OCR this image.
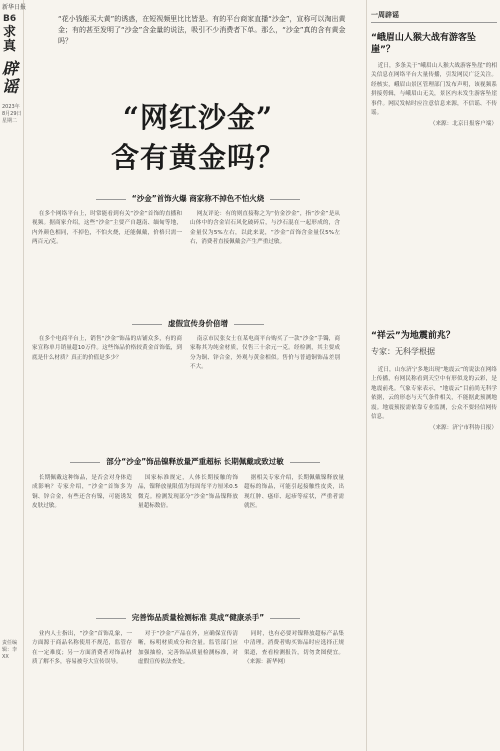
新华日报
B6
求真
辟谣
2023年 8月29日 星期二
责任编辑：李 XX
“花小钱能买大黄”的诱惑，在短视频里比比皆是。有的平台商家直播“沙金”，宣称可以淘出黄金；有的甚至发明了“沙金”含金量的说法，吸引不少消费者下单。那么，“沙金”真的含有黄金吗？
“网红沙金”
含有黄金吗？
“沙金”首饰火爆 商家称不掉色不怕火烧

在多个网络平台上，时常能看到有关“沙金”首饰的直播和视频。据商家介绍，这些“沙金”主要产自越南、缅甸等地，内外颜色相同，不掉色，不怕火烧，还能佩戴，价格只需一两百元/克。

网友评论：有的则直接称之为“仿金沙金”，指“沙金”是从山体中的含金岩石风化破碎后，与沙石混在一起形成的，含金量仅为5%左右，以此来说，“沙金”首饰含金量仅5%左右，消费者直接佩戴会产生严重过敏。

虚假宣传身价倍增

在多个电商平台上，销售“沙金”饰品的店铺众多，有的商家宣称单月销量超10万件。这些饰品价格较黄金首饰低，到底是什么材质？真正的价值是多少？

南京市民张女士在某电商平台购买了一款“沙金”手镯，商家称其为纯金材质，仅售三十余元一克。经检测，其主要成分为铜、锌合金，外观与黄金相似。售价与普通铜饰品差别不大。

部分“沙金”饰品镍释放量严重超标 长期佩戴或致过敏

长期佩戴这种饰品，是否会对身体造成影响？专家介绍，“沙金”首饰多为铜、锌合金，有些还含有镍，可能诱发皮肤过敏。

国家标准规定，人体长期接触的饰品，镍释放量限值为每周每平方厘米0.5微克。检测发现部分“沙金”饰品镍释放量超标数倍。

据相关专家介绍，长期佩戴镍释放量超标的饰品，可能引起接触性皮炎，出现红肿、瘙痒、起疹等症状，严重者需就医。

完善饰品质量检测标准 莫成“健康杀手”

业内人士指出，“沙金”首饰乱象，一方面源于商品名称使用不规范，监管存在一定难度；另一方面消费者对饰品材质了解不多，容易被夸大宣传误导。

对于“沙金”产品在外，应确保宣传清晰，标明材质成分和含量。监管部门应加强抽检，完善饰品质量检测标准，对虚假宣传依法查处。

同时，也有必要对镍释放超标产品集中清理。消费者购买饰品时应选择正规渠道，查看检测报告，切勿贪图便宜。（来源：新华网）

一周辟谣
“峨眉山人猴大战有游客坠崖”？

近日，多条关于“峨眉山人猴大战游客坠崖”的相关信息在网络平台大量传播，引发网民广泛关注。经核实，峨眉山景区管理部门发布声明，该视频系拼接剪辑，与峨眉山无关，景区内未发生游客坠崖事件。网民发帖时应注意信息来源，不信谣、不传谣。

（来源：北京日报客户端）
“祥云”为地震前兆？
专家：无科学根据

近日，山东济宁多地出现“地震云”的说法在网络上传播，有网民称看到天空中有形似龙的云彩，是地震前兆。气象专家表示，“地震云”目前尚无科学依据，云的形态与天气条件相关，不能据此预测地震。地震预报需依靠专业监测，公众不要轻信网传信息。

（来源：济宁市科协日报）
